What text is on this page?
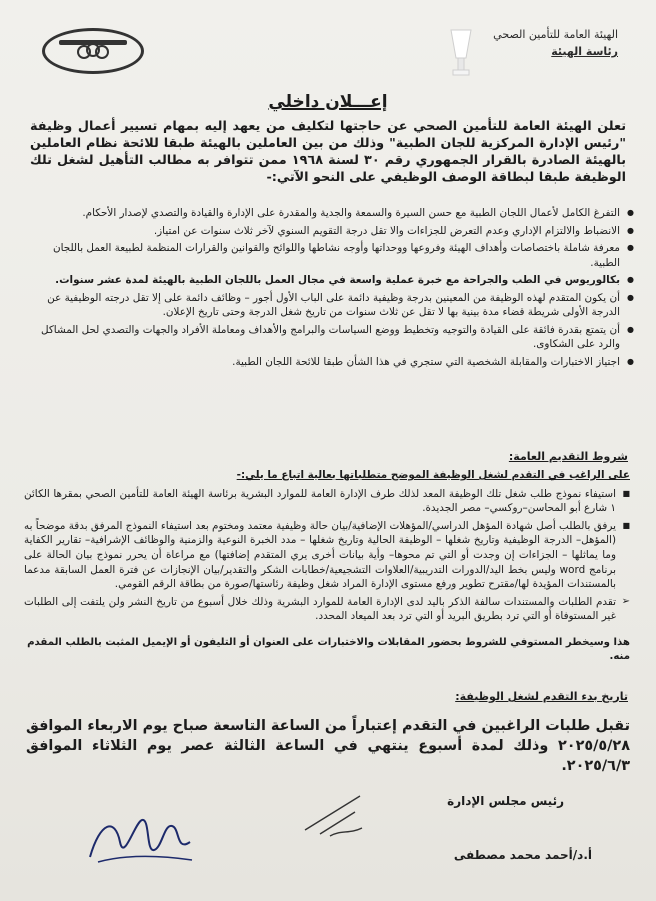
الهيئة العامة للتأمين الصحي
رئاسة الهيئة
إعـــلان داخلي
تعلن الهيئة العامة للتأمين الصحي عن حاجتها لتكليف من يعهد إليه بمهام تسيير أعمال وظيفة "رئيس الإدارة المركزية للجان الطبية" وذلك من بين العاملين بالهيئة طبقا للائحة نظام العاملين بالهيئة الصادرة بالقرار الجمهوري رقم ٣٠ لسنة ١٩٦٨ ممن تتوافر به مطالب التأهيل لشغل تلك الوظيفة طبقا لبطاقة الوصف الوظيفي على النحو الآتي:-
● التفرغ الكامل لأعمال اللجان الطبية مع حسن السيرة والسمعة والجدية والمقدرة على الإدارة والقيادة والتصدي لإصدار الأحكام.
● الانضباط والالتزام الإداري وعدم التعرض للجزاءات والا تقل درجة التقويم السنوي لآخر ثلاث سنوات عن امتياز.
● معرفة شاملة باختصاصات وأهداف الهيئة وفروعها ووحداتها وأوجه نشاطها واللوائح والقوانين والقرارات المنظمة لطبيعة العمل باللجان الطبية.
● بكالوريوس في الطب والجراحة مع خبرة عملية واسعة في مجال العمل باللجان الطبية بالهيئة لمدة عشر سنوات.
● أن يكون المتقدم لهذه الوظيفة من المعينين بدرجة وظيفية دائمة على الباب الأول أجور – وظائف دائمة على إلا تقل درجته الوظيفية عن الدرجة الأولى شريطة قضاء مدة بينية بها لا تقل عن ثلاث سنوات من تاريخ شغل الدرجة وحتى تاريخ الإعلان.
● أن يتمتع بقدرة فائقة على القيادة والتوجيه وتخطيط ووضع السياسات والبرامج والأهداف ومعاملة الأفراد والجهات والتصدي لحل المشاكل والرد على الشكاوى.
● اجتياز الاختبارات والمقابلة الشخصية التي ستجري في هذا الشأن طبقا للائحة اللجان الطبية.
شروط التقديم العامة:
على الراغب في التقدم لشغل الوظيفة الموضح متطلباتها بعالية اتباع ما يلي:-
■ استيفاء نموذج طلب شغل تلك الوظيفة المعد لذلك طرف الإدارة العامة للموارد البشرية برئاسة الهيئة العامة للتأمين الصحي بمقرها الكائن ١ شارع أبو المحاسن–روكسي– مصر الجديدة.
■ يرفق بالطلب أصل شهادة المؤهل الدراسي/المؤهلات الإضافية/بيان حالة وظيفية معتمد ومختوم بعد استيفاء النموذج المرفق بدقة موضحاً به (المؤهل– الدرجة الوظيفية وتاريخ شغلها – الوظيفة الحالية وتاريخ شغلها – مدد الخبرة النوعية والزمنية والوظائف الإشرافية– تقارير الكفاية وما يماثلها – الجزاءات إن وجدت أو التي تم محوها– وأية بيانات أخرى يري المتقدم إضافتها) مع مراعاة أن يحرر نموذج بيان الحالة على برنامج word وليس بخط اليد/الدورات التدريبية/العلاوات التشجيعية/خطابات الشكر والتقدير/بيان الإنجازات عن فترة العمل السابقة مدعما بالمستندات المؤيدة لها/مقترح تطوير ورفع مستوى الإدارة المراد شغل وظيفة رئاستها/صورة من بطاقة الرقم القومي.
➢ تقدم الطلبات والمستندات سالفة الذكر باليد لدى الإدارة العامة للموارد البشرية وذلك خلال أسبوع من تاريخ النشر ولن يلتفت إلى الطلبات غير المستوفاة أو التي ترد بطريق البريد أو التي ترد بعد الميعاد المحدد.
هذا وسيخطر المستوفي للشروط بحضور المقابلات والاختبارات على العنوان أو التليفون أو الإيميل المثبت بالطلب المقدم منه.
تاريخ بدء التقدم لشغل الوظيفة:
تقبل طلبات الراغبين في التقدم إعتباراً من الساعة التاسعة صباح يوم الاربعاء الموافق ٢٠٢٥/٥/٢٨ وذلك لمدة أسبوع ينتهي في الساعة الثالثة عصر يوم الثلاثاء الموافق ٢٠٢٥/٦/٣.
رئيس مجلس الإدارة
أ.د/أحمد محمد مصطفى
